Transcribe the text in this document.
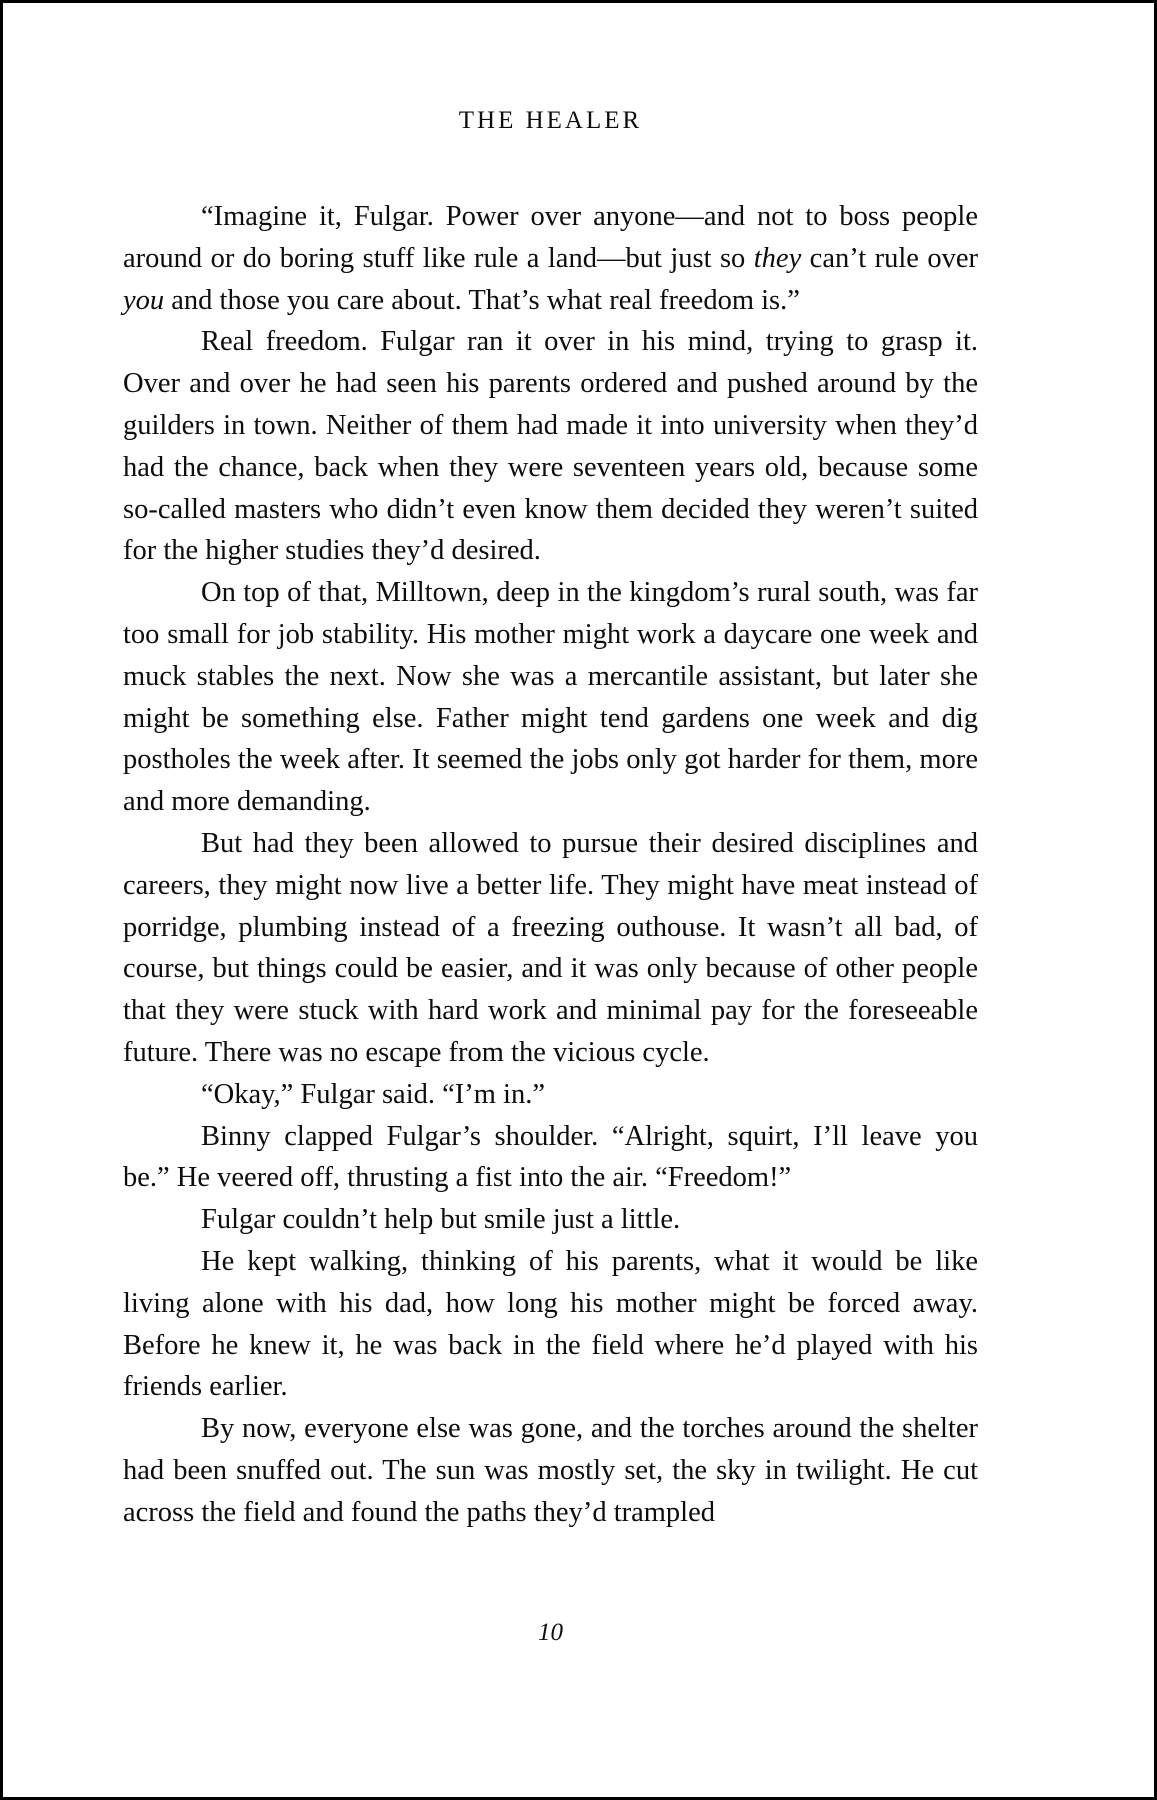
THE HEALER

“Imagine it, Fulgar. Power over anyone—and not to boss people around or do boring stuff like rule a land—but just so they can’t rule over you and those you care about. That’s what real freedom is.”

Real freedom. Fulgar ran it over in his mind, trying to grasp it. Over and over he had seen his parents ordered and pushed around by the guilders in town. Neither of them had made it into university when they’d had the chance, back when they were seventeen years old, because some so-called masters who didn’t even know them decided they weren’t suited for the higher studies they’d desired.

On top of that, Milltown, deep in the kingdom’s rural south, was far too small for job stability. His mother might work a daycare one week and muck stables the next. Now she was a mercantile assistant, but later she might be something else. Father might tend gardens one week and dig postholes the week after. It seemed the jobs only got harder for them, more and more demanding.

But had they been allowed to pursue their desired disciplines and careers, they might now live a better life. They might have meat instead of porridge, plumbing instead of a freezing outhouse. It wasn’t all bad, of course, but things could be easier, and it was only because of other people that they were stuck with hard work and minimal pay for the foreseeable future. There was no escape from the vicious cycle.

“Okay,” Fulgar said. “I’m in.”

Binny clapped Fulgar’s shoulder. “Alright, squirt, I’ll leave you be.” He veered off, thrusting a fist into the air. “Freedom!”

Fulgar couldn’t help but smile just a little.

He kept walking, thinking of his parents, what it would be like living alone with his dad, how long his mother might be forced away. Before he knew it, he was back in the field where he’d played with his friends earlier.

By now, everyone else was gone, and the torches around the shelter had been snuffed out. The sun was mostly set, the sky in twilight. He cut across the field and found the paths they’d trampled

10
